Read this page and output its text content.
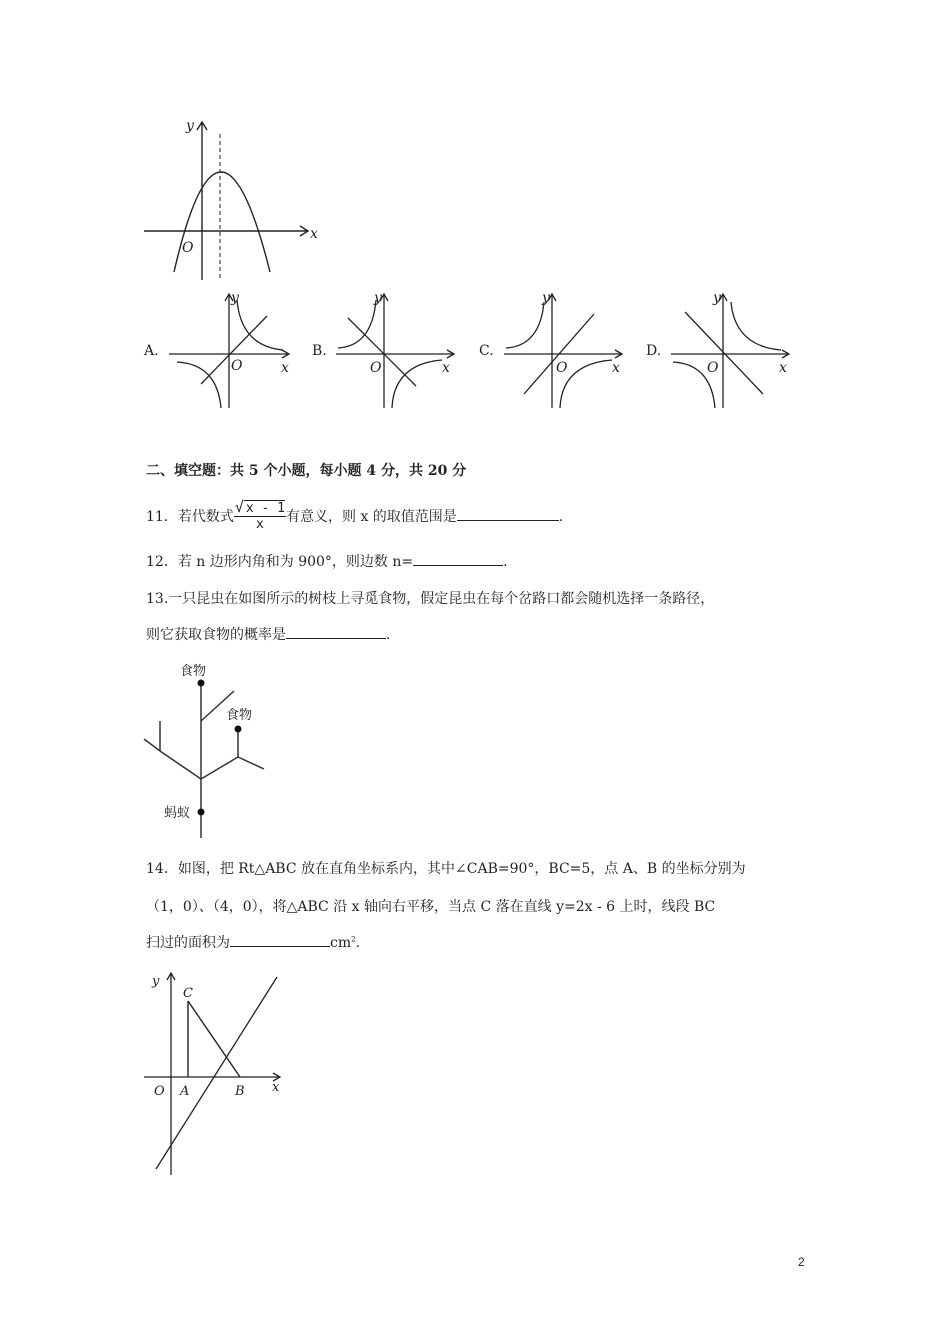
y
x
O
A.
y
x
O
B.
y
x
O
C.
y
x
O
D.
y
x
O
二、填空题：共 5 个小题，每小题 4 分，共 20 分
11．若代数式 $\frac{√ x - 1}{x}$ 有意义，则 x 的取值范围是	.
12．若 n 边形内角和为 900°，则边数 n=	.
13.一只昆虫在如图所示的树枝上寻觅食物，假定昆虫在每个岔路口都会随机选择一条路径，
则它获取食物的概率是	.
食物
食物
蚂蚁
14．如图，把 Rt△ABC 放在直角坐标系内，其中∠CAB=90°，BC=5，点 A、B 的坐标分别为
（1，0）、（4，0），将△ABC 沿 x 轴向右平移，当点 C 落在直线 y=2x - 6 上时，线段 BC
扫过的面积为	$cm^2$.
y
x
O A	B
C
2
